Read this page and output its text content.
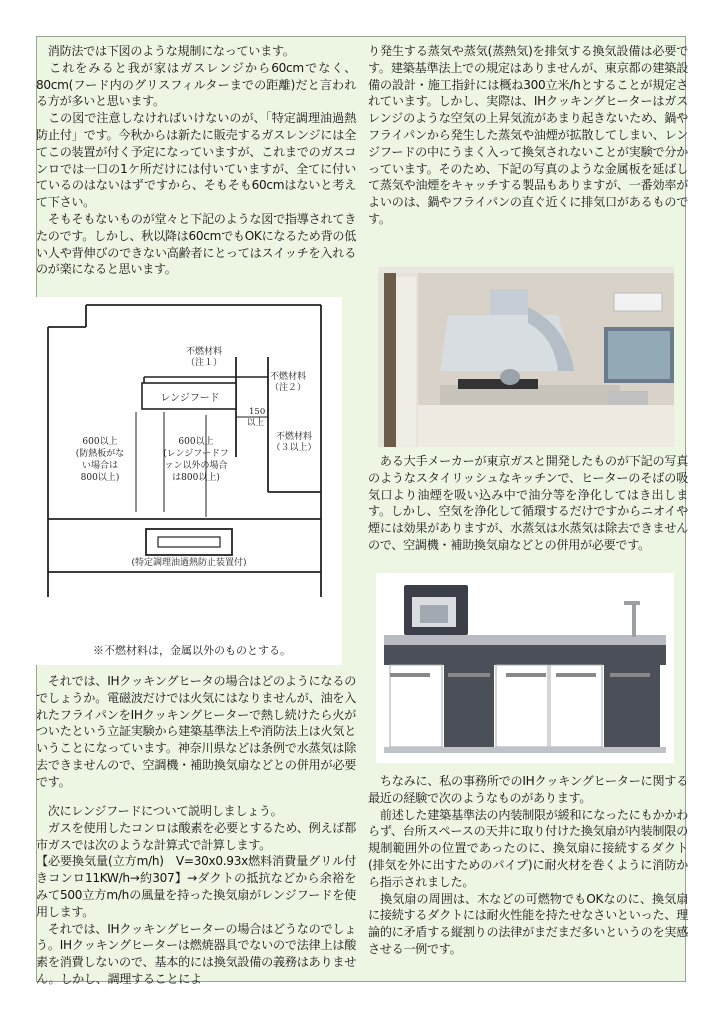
　消防法では下図のような規制になっています。
　これをみると我が家はガスレンジから60cmでなく、80cm(フード内のグリスフィルターまでの距離)だと言われる方が多いと思います。
　この図で注意しなければいけないのが、「特定調理油過熱防止付」です。今秋からは新たに販売するガスレンジには全てこの装置が付く予定になっていますが、これまでのガスコンロでは一口の1ケ所だけには付いていますが、全てに付いているのはないはずですから、そもそも60cmはないと考えて下さい。
　そもそもないものが堂々と下記のような図で指導されてきたのです。しかし、秋以降は60cmでもOKになるため背の低い人や背伸びのできない高齢者にとってはスイッチを入れるのが楽になると思います。

レンジフード
不燃材料
（注１）
不燃材料
（注２）
150
以上
不燃材料
（３以上）
600以上
(防熱板がな
い場合は
800以上)
600以上
(レンジフードフ
ァン以外の場合
は800以上)
(特定調理油過熱防止装置付)
※不燃材料は，金属以外のものとする。

　それでは、IHクッキングヒータの場合はどのようになるのでしょうか。電磁波だけでは火気にはなりませんが、油を入れたフライパンをIHクッキングヒーターで熱し続けたら火がついたという立証実験から建築基準法上や消防法上は火気ということになっています。神奈川県などは条例で水蒸気は除去できませんので、空調機・補助換気扇などとの併用が必要です。

　次にレンジフードについて説明しましょう。
　ガスを使用したコンロは酸素を必要とするため、例えば都市ガスでは次のような計算式で計算します。
【必要換気量(立方m/h)　V=30x0.93x燃料消費量グリル付きコンロ11KW/h→約307】→ダクトの抵抗などから余裕をみて500立方m/hの風量を持った換気扇がレンジフードを使用します。
　それでは、IHクッキングヒーターの場合はどうなのでしょう。IHクッキングヒーターは燃焼器具でないので法律上は酸素を消費しないので、基本的には換気設備の義務はありません。しかし、調理することによ

り発生する蒸気や蒸気(蒸熱気)を排気する換気設備は必要です。建築基準法上での規定はありませんが、東京都の建築設備の設計・施工指針には概ね300立米/hとすることが規定されています。しかし、実際は、IHクッキングヒーターはガスレンジのような空気の上昇気流があまり起きないため、鍋やフライパンから発生した蒸気や油煙が拡散してしまい、レンジフードの中にうまく入って換気されないことが実験で分かっています。そのため、下記の写真のような金属板を延ばして蒸気や油煙をキャッチする製品もありますが、一番効率がよいのは、鍋やフライパンの直ぐ近くに排気口があるものです。

　ある大手メーカーが東京ガスと開発したものが下記の写真のようなスタイリッシュなキッチンで、ヒーターのそばの吸気口より油煙を吸い込み中で油分等を浄化してはき出します。しかし、空気を浄化して循環するだけですからニオイや煙には効果がありますが、水蒸気は水蒸気は除去できませんので、空調機・補助換気扇などとの併用が必要です。

　ちなみに、私の事務所でのIHクッキングヒーターに関する最近の経験で次のようなものがあります。
　前述した建築基準法の内装制限が緩和になったにもかかわらず、台所スペースの天井に取り付けた換気扇が内装制限の規制範囲外の位置であったのに、換気扇に接続するダクト(排気を外に出すためのパイプ)に耐火材を巻くように消防から指示されました。
　換気扇の周囲は、木などの可燃物でもOKなのに、換気扇に接続するダクトには耐火性能を持たせなさいといった、理論的に矛盾する縦割りの法律がまだまだ多いというのを実感させる一例です。
